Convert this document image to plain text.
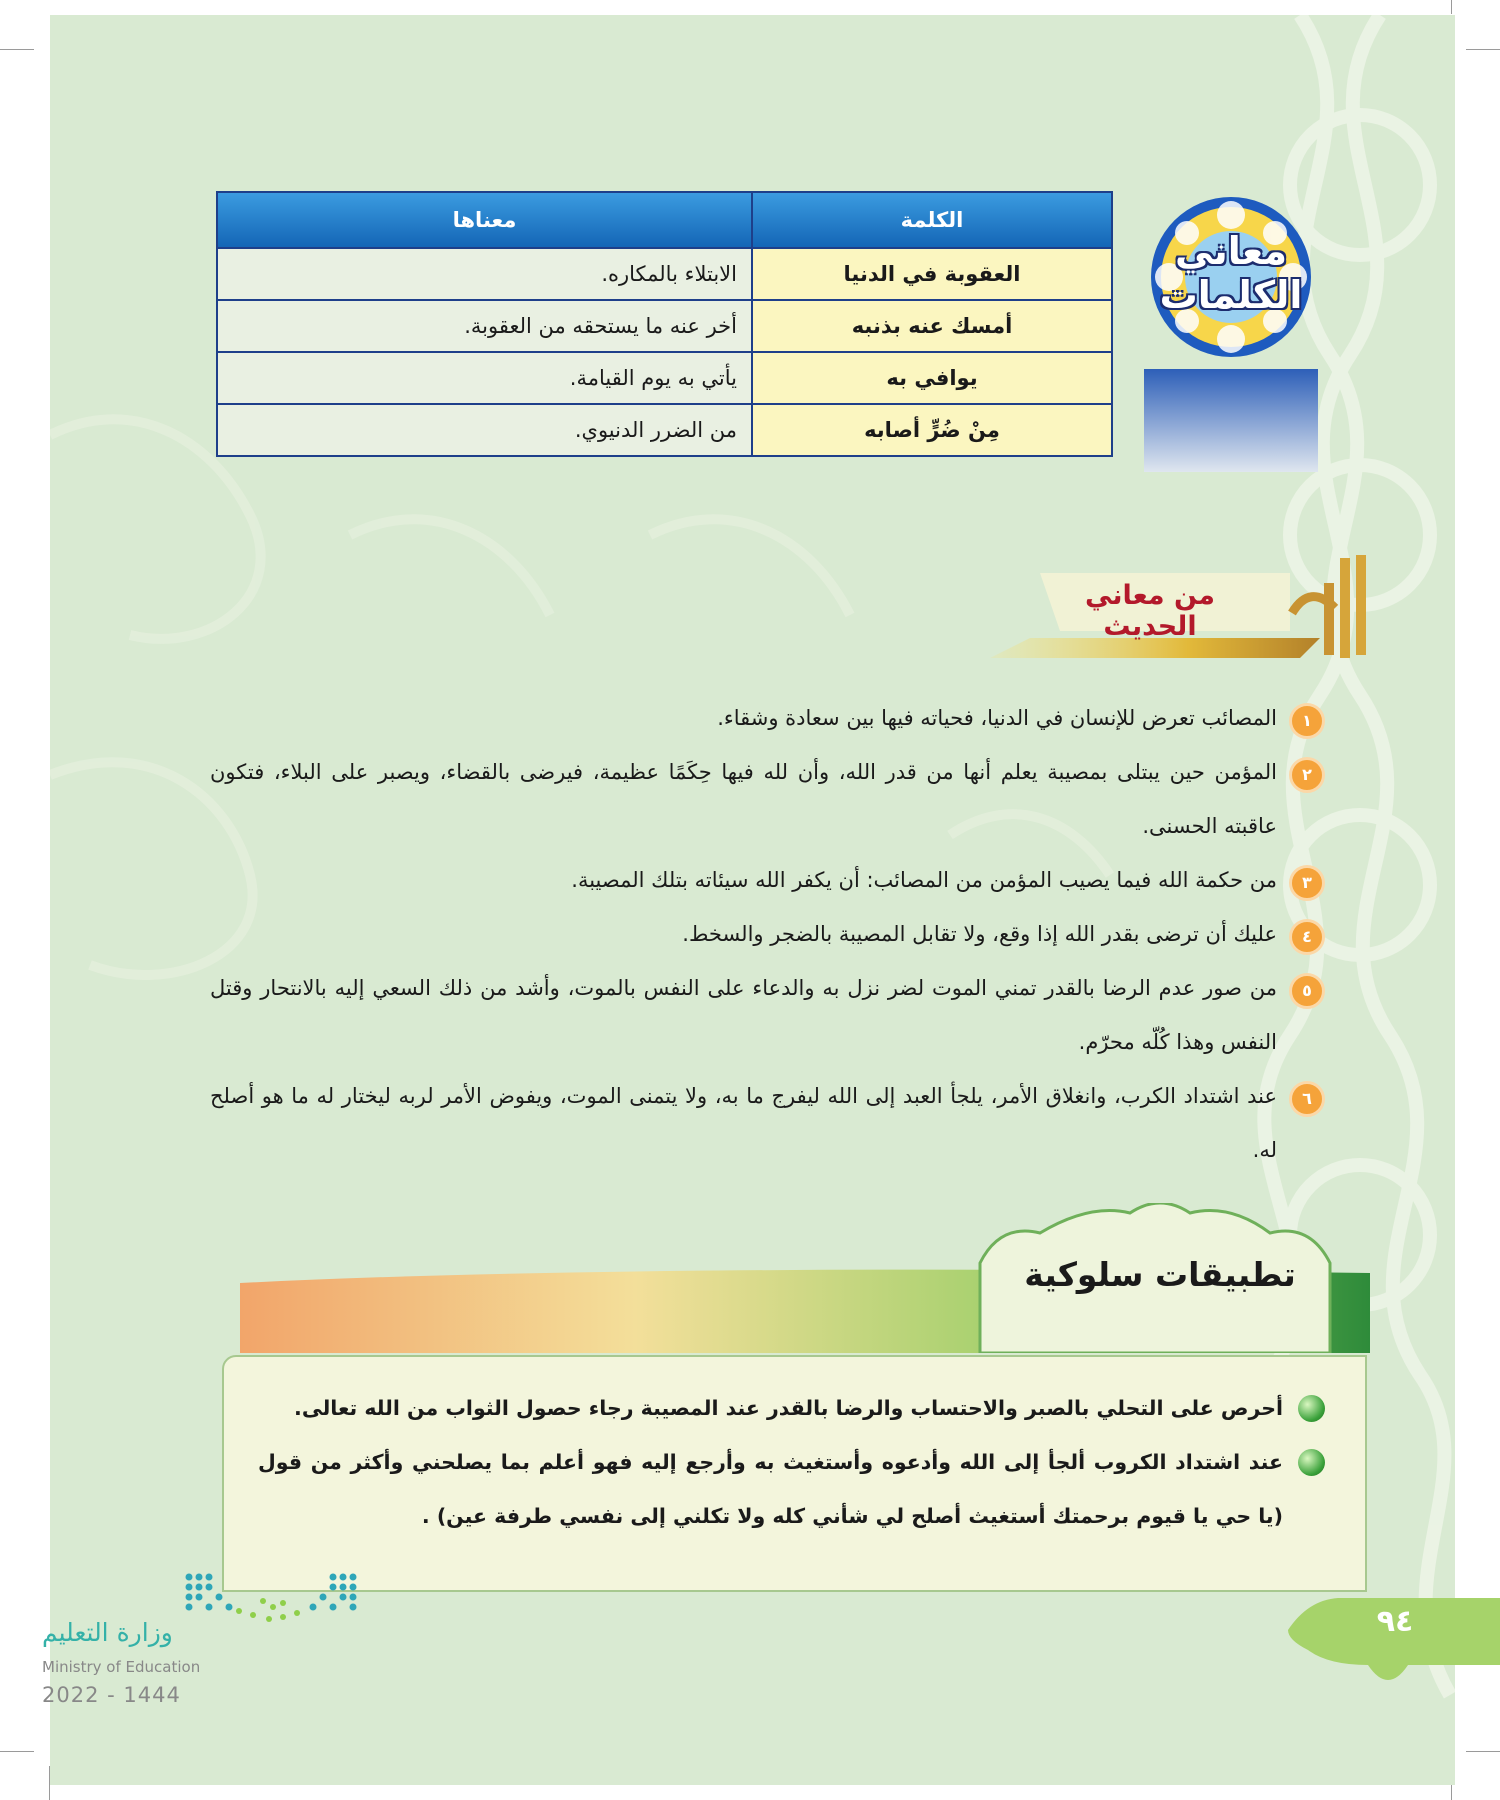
معاني الكلمات
الكلمة	معناها
العقوبة في الدنيا	الابتلاء بالمكاره.
أمسك عنه بذنبه	أخر عنه ما يستحقه من العقوبة.
يوافي به	يأتي به يوم القيامة.
مِنْ ضُرٍّ أصابه	من الضرر الدنيوي.
من معاني الحديث
١
المصائب تعرض للإنسان في الدنيا، فحياته فيها بين سعادة وشقاء.
٢
المؤمن حين يبتلى بمصيبة يعلم أنها من قدر الله، وأن لله فيها حِكَمًا عظيمة، فيرضى بالقضاء، ويصبر على البلاء، فتكون عاقبته الحسنى.
٣
من حكمة الله فيما يصيب المؤمن من المصائب: أن يكفر الله سيئاته بتلك المصيبة.
٤
عليك أن ترضى بقدر الله إذا وقع، ولا تقابل المصيبة بالضجر والسخط.
٥
من صور عدم الرضا بالقدر تمني الموت لضر نزل به والدعاء على النفس بالموت، وأشد من ذلك السعي إليه بالانتحار وقتل النفس وهذا كُلّه محرّم.
٦
عند اشتداد الكرب، وانغلاق الأمر، يلجأ العبد إلى الله ليفرج ما به، ولا يتمنى الموت، ويفوض الأمر لربه ليختار له ما هو أصلح له.
تطبيقات سلوكية
أحرص على التحلي بالصبر والاحتساب والرضا بالقدر عند المصيبة رجاء حصول الثواب من الله تعالى.
عند اشتداد الكروب ألجأ إلى الله وأدعوه وأستغيث به وأرجع إليه فهو أعلم بما يصلحني وأكثر من قول (يا حي يا قيوم برحمتك أستغيث أصلح لي شأني كله ولا تكلني إلى نفسي طرفة عين) .
وزارة التعليم
Ministry of Education
2022 - 1444
٩٤
